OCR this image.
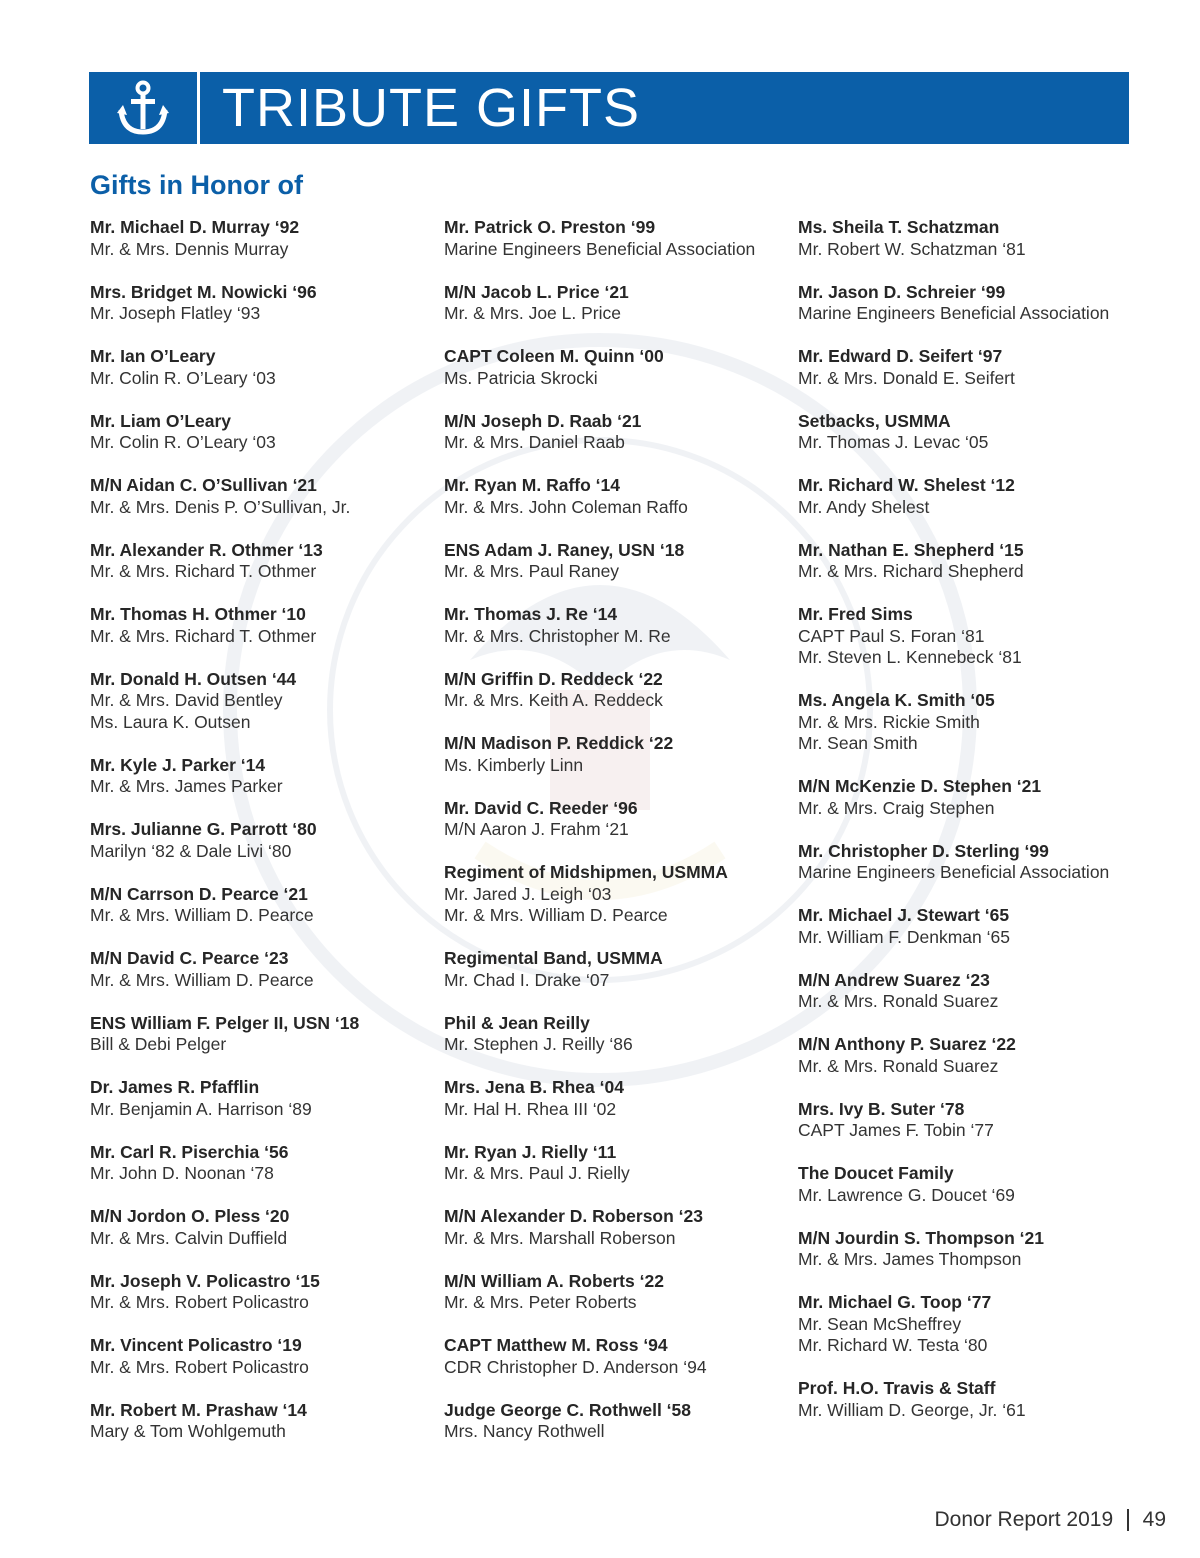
TRIBUTE GIFTS
Gifts in Honor of
Mr. Michael D. Murray ‘92
Mr. & Mrs. Dennis Murray
Mrs. Bridget M. Nowicki ‘96
Mr. Joseph Flatley ‘93
Mr. Ian O’Leary
Mr. Colin R. O’Leary ‘03
Mr. Liam O’Leary
Mr. Colin R. O’Leary ‘03
M/N Aidan C. O’Sullivan ‘21
Mr. & Mrs. Denis P. O’Sullivan, Jr.
Mr. Alexander R. Othmer ‘13
Mr. & Mrs. Richard T. Othmer
Mr. Thomas H. Othmer ‘10
Mr. & Mrs. Richard T. Othmer
Mr. Donald H. Outsen ‘44
Mr. & Mrs. David Bentley
Ms. Laura K. Outsen
Mr. Kyle J. Parker ‘14
Mr. & Mrs. James Parker
Mrs. Julianne G. Parrott ‘80
Marilyn ‘82 & Dale Livi ‘80
M/N Carrson D. Pearce ‘21
Mr. & Mrs. William D. Pearce
M/N David C. Pearce ‘23
Mr. & Mrs. William D. Pearce
ENS William F. Pelger II, USN ‘18
Bill & Debi Pelger
Dr. James R. Pfafflin
Mr. Benjamin A. Harrison ‘89
Mr. Carl R. Piserchia ‘56
Mr. John D. Noonan ‘78
M/N Jordon O. Pless ‘20
Mr. & Mrs. Calvin Duffield
Mr. Joseph V. Policastro ‘15
Mr. & Mrs. Robert Policastro
Mr. Vincent Policastro ‘19
Mr. & Mrs. Robert Policastro
Mr. Robert M. Prashaw ‘14
Mary & Tom Wohlgemuth
Mr. Patrick O. Preston ‘99
Marine Engineers Beneficial Association
M/N Jacob L. Price ‘21
Mr. & Mrs. Joe L. Price
CAPT Coleen M. Quinn ‘00
Ms. Patricia Skrocki
M/N Joseph D. Raab ‘21
Mr. & Mrs. Daniel Raab
Mr. Ryan M. Raffo ‘14
Mr. & Mrs. John Coleman Raffo
ENS Adam J. Raney, USN ‘18
Mr. & Mrs. Paul Raney
Mr. Thomas J. Re ‘14
Mr. & Mrs. Christopher M. Re
M/N Griffin D. Reddeck ‘22
Mr. & Mrs. Keith A. Reddeck
M/N Madison P. Reddick ‘22
Ms. Kimberly Linn
Mr. David C. Reeder ‘96
M/N Aaron J. Frahm ‘21
Regiment of Midshipmen, USMMA
Mr. Jared J. Leigh ‘03
Mr. & Mrs. William D. Pearce
Regimental Band, USMMA
Mr. Chad I. Drake ‘07
Phil & Jean Reilly
Mr. Stephen J. Reilly ‘86
Mrs. Jena B. Rhea ‘04
Mr. Hal H. Rhea III ‘02
Mr. Ryan J. Rielly ‘11
Mr. & Mrs. Paul J. Rielly
M/N Alexander D. Roberson ‘23
Mr. & Mrs. Marshall Roberson
M/N William A. Roberts ‘22
Mr. & Mrs. Peter Roberts
CAPT Matthew M. Ross ‘94
CDR Christopher D. Anderson ‘94
Judge George C. Rothwell ‘58
Mrs. Nancy Rothwell
Ms. Sheila T. Schatzman
Mr. Robert W. Schatzman ‘81
Mr. Jason D. Schreier ‘99
Marine Engineers Beneficial Association
Mr. Edward D. Seifert ‘97
Mr. & Mrs. Donald E. Seifert
Setbacks, USMMA
Mr. Thomas J. Levac ‘05
Mr. Richard W. Shelest ‘12
Mr. Andy Shelest
Mr. Nathan E. Shepherd ‘15
Mr. & Mrs. Richard Shepherd
Mr. Fred Sims
CAPT Paul S. Foran ‘81
Mr. Steven L. Kennebeck ‘81
Ms. Angela K. Smith ‘05
Mr. & Mrs. Rickie Smith
Mr. Sean Smith
M/N McKenzie D. Stephen ‘21
Mr. & Mrs. Craig Stephen
Mr. Christopher D. Sterling ‘99
Marine Engineers Beneficial Association
Mr. Michael J. Stewart ‘65
Mr. William F. Denkman ‘65
M/N Andrew Suarez ‘23
Mr. & Mrs. Ronald Suarez
M/N Anthony P. Suarez ‘22
Mr. & Mrs. Ronald Suarez
Mrs. Ivy B. Suter ‘78
CAPT James F. Tobin ‘77
The Doucet Family
Mr. Lawrence G. Doucet ‘69
M/N Jourdin S. Thompson ‘21
Mr. & Mrs. James Thompson
Mr. Michael G. Toop ‘77
Mr. Sean McSheffrey
Mr. Richard W. Testa ‘80
Prof. H.O. Travis & Staff
Mr. William D. George, Jr. ‘61
Donor Report 2019 49
